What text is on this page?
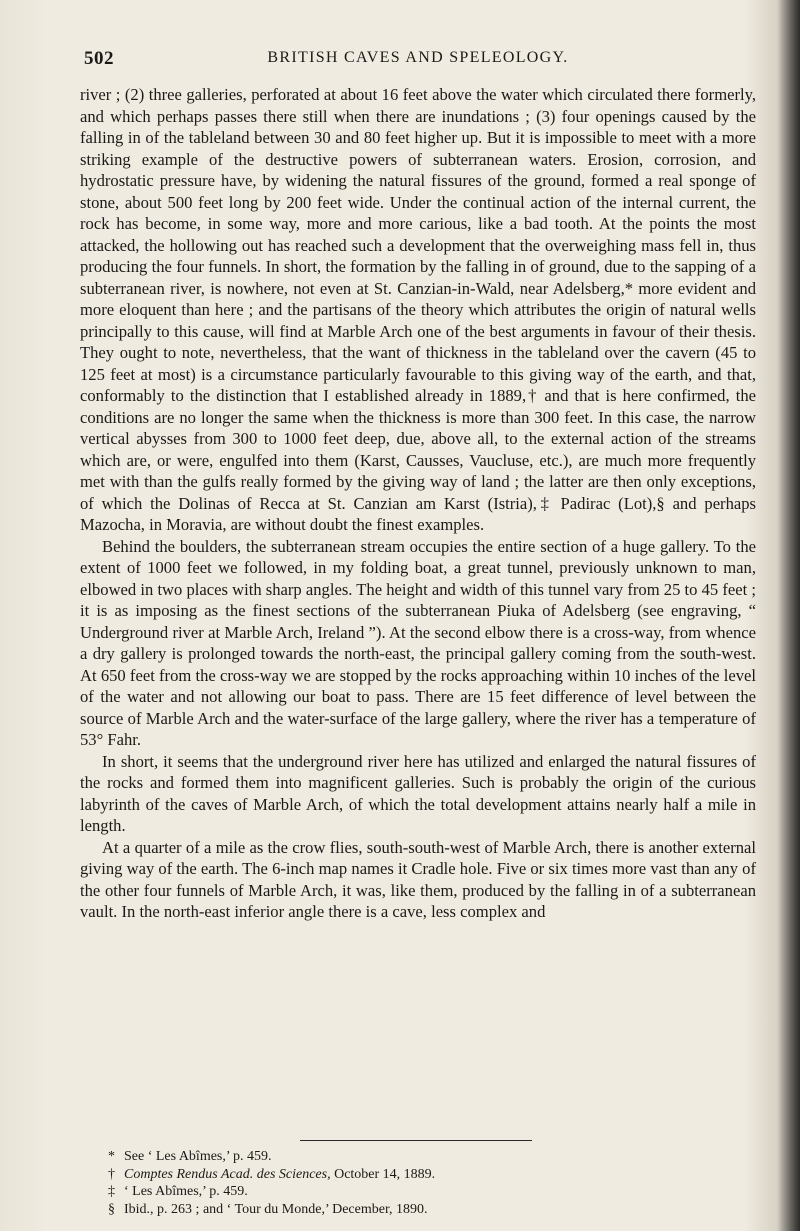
502	BRITISH CAVES AND SPELEOLOGY.

river ; (2) three galleries, perforated at about 16 feet above the water which circulated there formerly, and which perhaps passes there still when there are inundations ; (3) four openings caused by the falling in of the tableland between 30 and 80 feet higher up. But it is impossible to meet with a more striking example of the destructive powers of subterranean waters. Erosion, corrosion, and hydrostatic pressure have, by widening the natural fissures of the ground, formed a real sponge of stone, about 500 feet long by 200 feet wide. Under the continual action of the internal current, the rock has become, in some way, more and more carious, like a bad tooth. At the points the most attacked, the hollowing out has reached such a development that the overweighing mass fell in, thus producing the four funnels. In short, the formation by the falling in of ground, due to the sapping of a subterranean river, is nowhere, not even at St. Canzian-in-Wald, near Adelsberg,* more evident and more eloquent than here ; and the partisans of the theory which attributes the origin of natural wells principally to this cause, will find at Marble Arch one of the best arguments in favour of their thesis. They ought to note, nevertheless, that the want of thickness in the tableland over the cavern (45 to 125 feet at most) is a circumstance particularly favourable to this giving way of the earth, and that, conformably to the distinction that I established already in 1889,† and that is here confirmed, the conditions are no longer the same when the thickness is more than 300 feet. In this case, the narrow vertical abysses from 300 to 1000 feet deep, due, above all, to the external action of the streams which are, or were, engulfed into them (Karst, Causses, Vaucluse, etc.), are much more frequently met with than the gulfs really formed by the giving way of land ; the latter are then only exceptions, of which the Dolinas of Recca at St. Canzian am Karst (Istria),‡ Padirac (Lot),§ and perhaps Mazocha, in Moravia, are without doubt the finest examples.

Behind the boulders, the subterranean stream occupies the entire section of a huge gallery. To the extent of 1000 feet we followed, in my folding boat, a great tunnel, previously unknown to man, elbowed in two places with sharp angles. The height and width of this tunnel vary from 25 to 45 feet ; it is as imposing as the finest sections of the subterranean Piuka of Adelsberg (see engraving, “ Underground river at Marble Arch, Ireland ”). At the second elbow there is a cross-way, from whence a dry gallery is prolonged towards the north-east, the principal gallery coming from the south-west. At 650 feet from the cross-way we are stopped by the rocks approaching within 10 inches of the level of the water and not allowing our boat to pass. There are 15 feet difference of level between the source of Marble Arch and the water-surface of the large gallery, where the river has a temperature of 53° Fahr.

In short, it seems that the underground river here has utilized and enlarged the natural fissures of the rocks and formed them into magnificent galleries. Such is probably the origin of the curious labyrinth of the caves of Marble Arch, of which the total development attains nearly half a mile in length.

At a quarter of a mile as the crow flies, south-south-west of Marble Arch, there is another external giving way of the earth. The 6-inch map names it Cradle hole. Five or six times more vast than any of the other four funnels of Marble Arch, it was, like them, produced by the falling in of a subterranean vault. In the north-east inferior angle there is a cave, less complex and

* See ‘ Les Abîmes,’ p. 459.
† Comptes Rendus Acad. des Sciences, October 14, 1889.
‡ ‘ Les Abîmes,’ p. 459.
§ Ibid., p. 263 ; and ‘ Tour du Monde,’ December, 1890.
